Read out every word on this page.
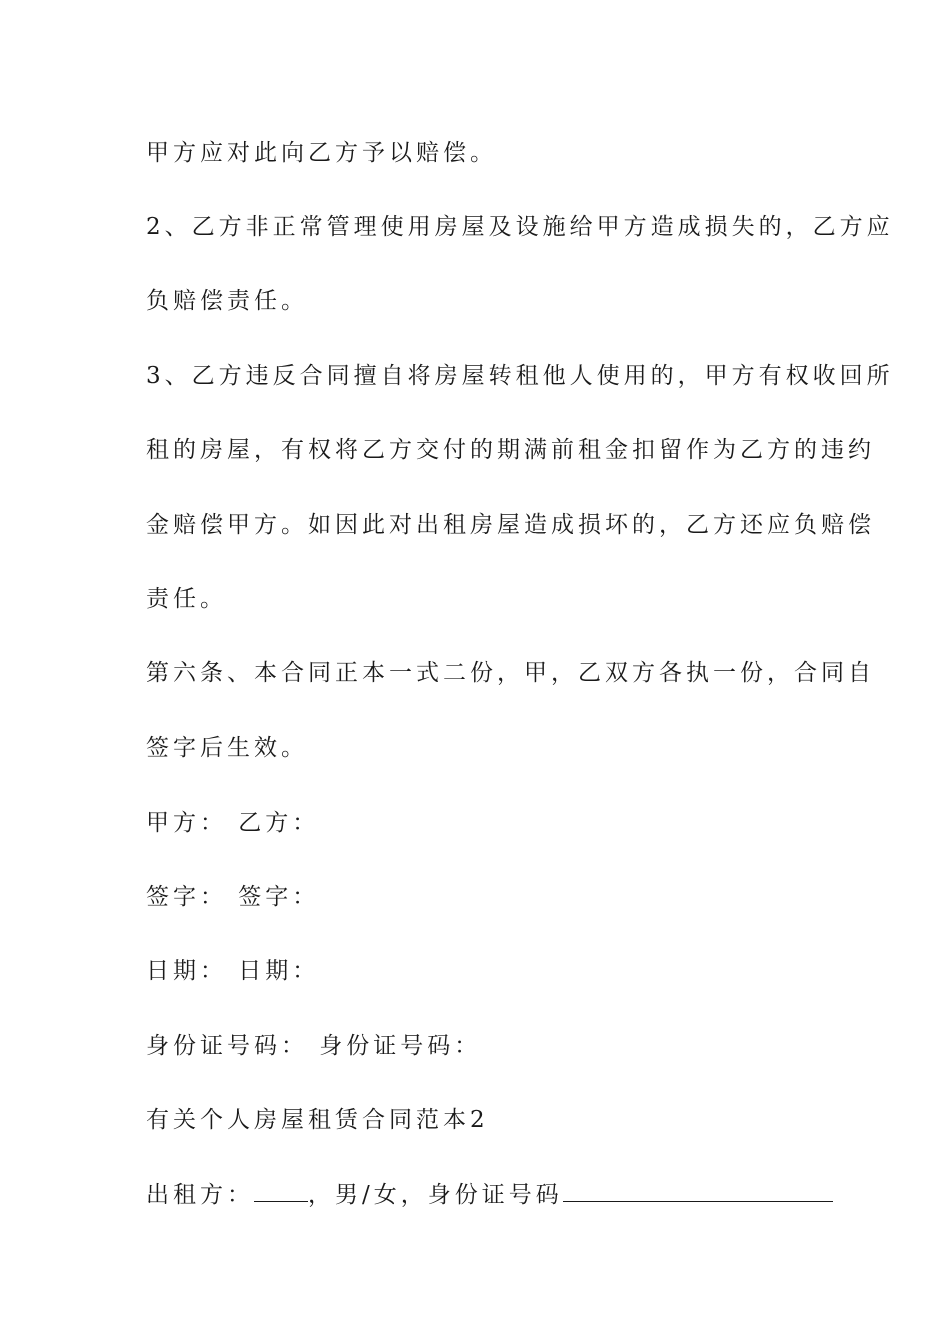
甲方应对此向乙方予以赔偿。
2、乙方非正常管理使用房屋及设施给甲方造成损失的，乙方应
负赔偿责任。
3、乙方违反合同擅自将房屋转租他人使用的，甲方有权收回所
租的房屋，有权将乙方交付的期满前租金扣留作为乙方的违约
金赔偿甲方。如因此对出租房屋造成损坏的，乙方还应负赔偿
责任。
第六条、本合同正本一式二份，甲，乙双方各执一份，合同自
签字后生效。
甲方： 乙方：
签字： 签字：
日期： 日期：
身份证号码： 身份证号码：
有关个人房屋租赁合同范本2
出租方： ，男/女，身份证号码
